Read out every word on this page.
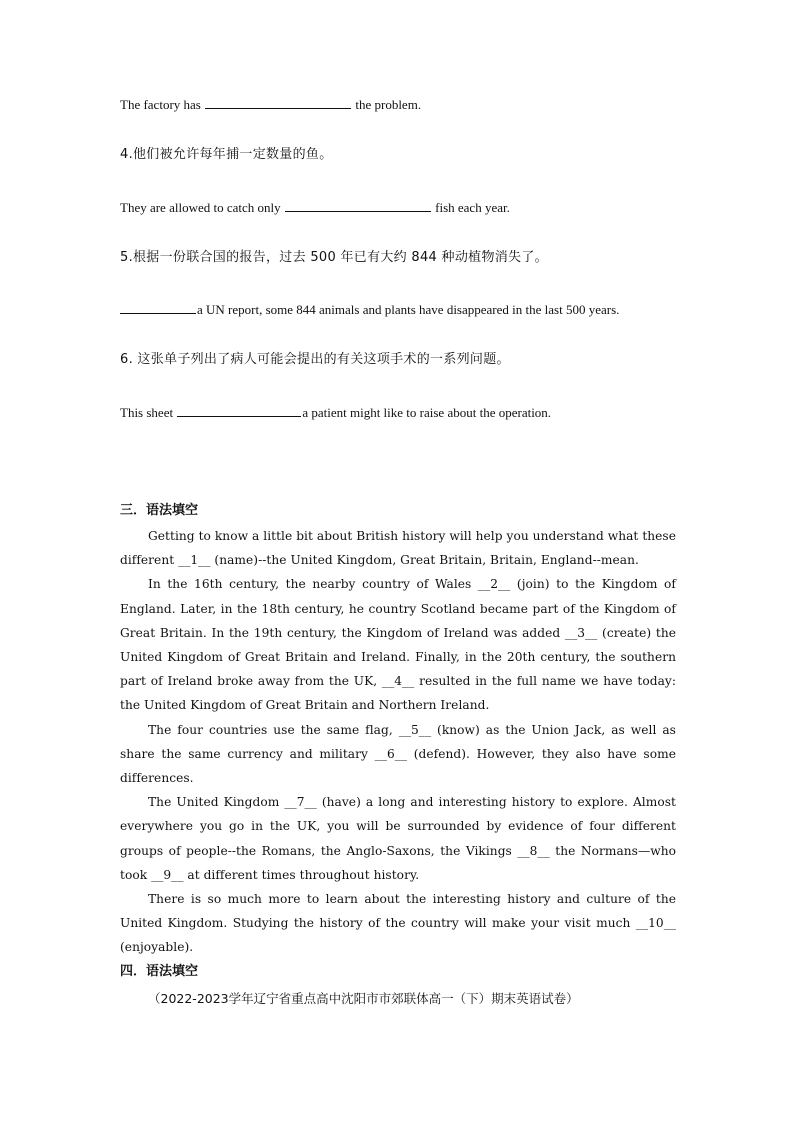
The factory has	the problem.
4.他们被允许每年捕一定数量的鱼。
They are allowed to catch only	fish each year.
5.根据一份联合国的报告，过去 500 年已有大约 844 种动植物消失了。
a UN report, some 844 animals and plants have disappeared in the last 500 years.
6. 这张单子列出了病人可能会提出的有关这项手术的一系列问题。
This sheet	a patient might like to raise about the operation.
三．语法填空

Getting to know a little bit about British history will help you understand what these different __1__ (name)--the United Kingdom, Great Britain, Britain, England--mean.

In the 16th century, the nearby country of Wales __2__ (join) to the Kingdom of England. Later, in the 18th century, he country Scotland became part of the Kingdom of Great Britain. In the 19th century, the Kingdom of Ireland was added __3__ (create) the United Kingdom of Great Britain and Ireland. Finally, in the 20th century, the southern part of Ireland broke away from the UK, __4__ resulted in the full name we have today: the United Kingdom of Great Britain and Northern Ireland.

The four countries use the same flag, __5__ (know) as the Union Jack, as well as share the same currency and military __6__ (defend). However, they also have some differences.

The United Kingdom __7__ (have) a long and interesting history to explore. Almost everywhere you go in the UK, you will be surrounded by evidence of four different groups of people--the Romans, the Anglo-Saxons, the Vikings __8__ the Normans—who took __9__ at different times throughout history.

There is so much more to learn about the interesting history and culture of the United Kingdom. Studying the history of the country will make your visit much __10__ (enjoyable).

四．语法填空
（2022-2023学年辽宁省重点高中沈阳市市郊联体高一（下）期末英语试卷）
